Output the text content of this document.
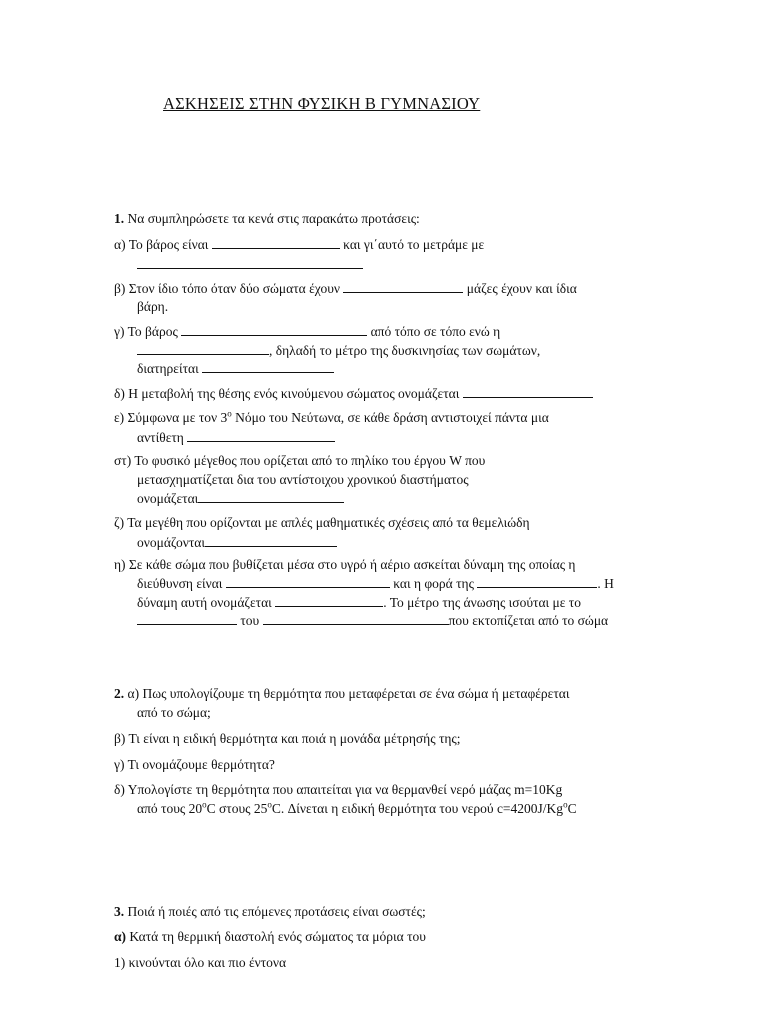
ΑΣΚΗΣΕΙΣ ΣΤΗΝ ΦΥΣΙΚΗ Β ΓΥΜΝΑΣΙΟΥ
1. Να συμπληρώσετε τα κενά στις παρακάτω προτάσεις:
α) Το βάρος είναι	και γι΄αυτό το μετράμε με
β) Στον ίδιο τόπο όταν δύο σώματα έχουν	μάζες έχουν και ίδια
βάρη.
γ) Το βάρος	από τόπο σε τόπο ενώ η
, δηλαδή το μέτρο της δυσκινησίας των σωμάτων,
διατηρείται
δ) Η μεταβολή της θέσης ενός κινούμενου σώματος ονομάζεται
ε) Σύμφωνα με τον $3^o$ Νόμο του Νεύτωνα, σε κάθε δράση αντιστοιχεί πάντα μια
αντίθετη
στ) Το φυσικό μέγεθος που ορίζεται από το πηλίκο του έργου W που
μετασχηματίζεται δια του αντίστοιχου χρονικού διαστήματος
ονομάζεται
ζ) Τα μεγέθη που ορίζονται με απλές μαθηματικές σχέσεις από τα θεμελιώδη
ονομάζονται
η) Σε κάθε σώμα που βυθίζεται μέσα στο υγρό ή αέριο ασκείται δύναμη της οποίας η
διεύθυνση είναι	και η φορά της	. Η
δύναμη αυτή ονομάζεται	. Το μέτρο της άνωσης ισούται με το
του	που εκτοπίζεται από το σώμα
2. α) Πως υπολογίζουμε τη θερμότητα που μεταφέρεται σε ένα σώμα ή μεταφέρεται
από το σώμα;
β) Τι είναι η ειδική θερμότητα και ποιά η μονάδα μέτρησής της;
γ) Τι ονομάζουμε θερμότητα?
δ) Υπολογίστε τη θερμότητα που απαιτείται για να θερμανθεί νερό μάζας m=10Kg
από τους $20^oC$ στους $25^oC$. Δίνεται η ειδική θερμότητα του νερού $c=4200J/Kg^oC$
3. Ποιά ή ποιές από τις επόμενες προτάσεις είναι σωστές;
α) Κατά τη θερμική διαστολή ενός σώματος τα μόρια του
1) κινούνται όλο και πιο έντονα
